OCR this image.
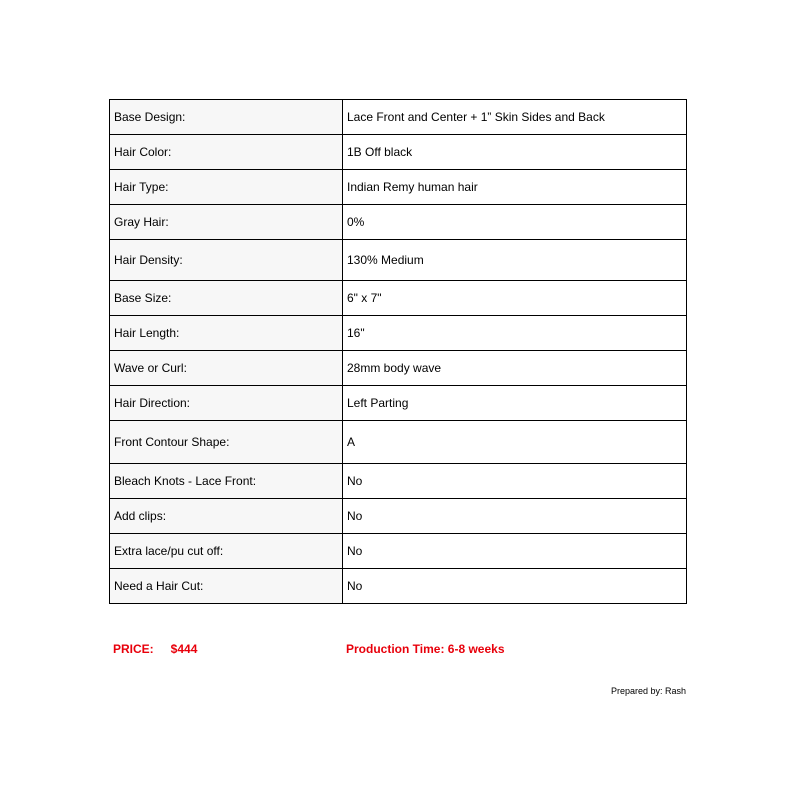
Base Design:	Lace Front and Center + 1” Skin Sides and Back
Hair Color:	1B Off black
Hair Type:	Indian Remy human hair
Gray Hair:	0%
Hair Density:	130% Medium
Base Size:	6" x 7"
Hair Length:	16"
Wave or Curl:	28mm body wave
Hair Direction:	Left Parting
Front Contour Shape:	A
Bleach Knots - Lace Front:	No
Add clips:	No
Extra lace/pu cut off:	No
Need a Hair Cut:	No
PRICE: $444	Production Time: 6-8 weeks
Prepared by: Rash
